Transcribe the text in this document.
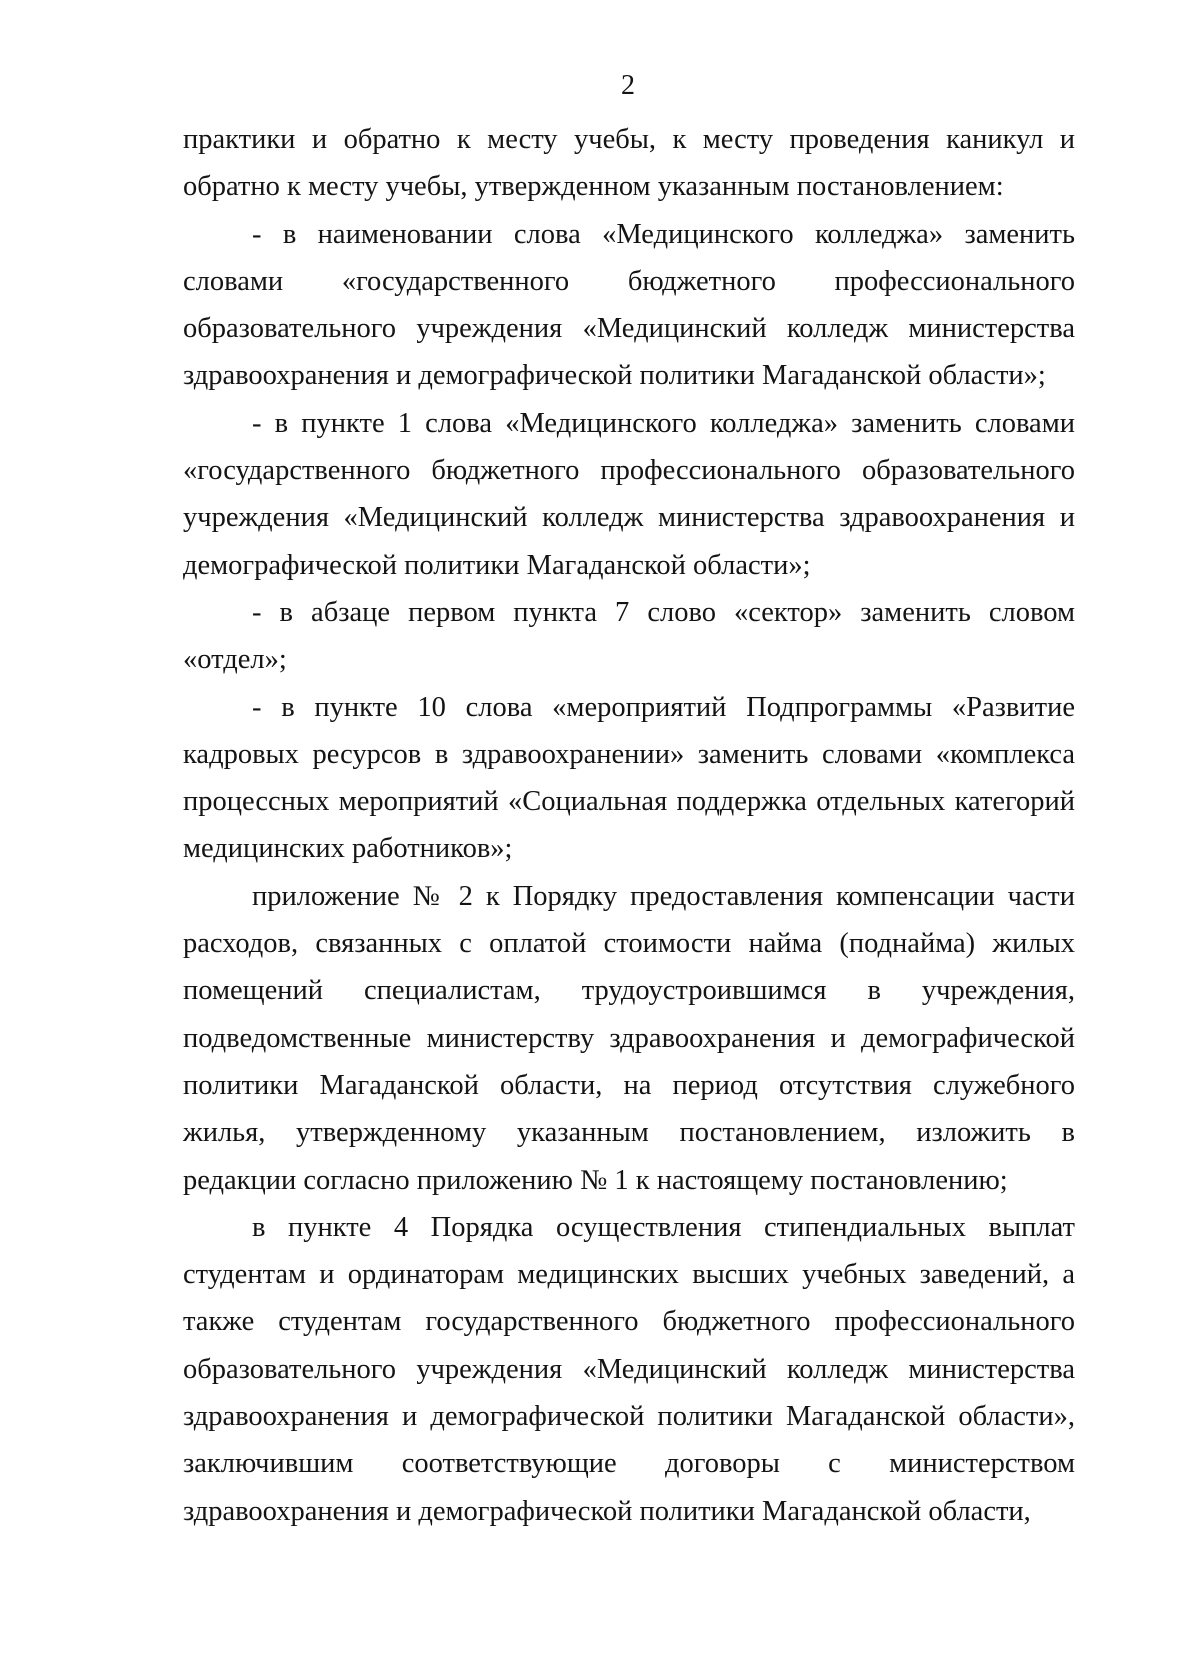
2

практики и обратно к месту учебы, к месту проведения каникул и обратно к месту учебы, утвержденном указанным постановлением:

- в наименовании слова «Медицинского колледжа» заменить словами «государственного бюджетного профессионального образовательного учреждения «Медицинский колледж министерства здравоохранения и демографической политики Магаданской области»;

- в пункте 1 слова «Медицинского колледжа» заменить словами «государственного бюджетного профессионального образовательного учреждения «Медицинский колледж министерства здравоохранения и демографической политики Магаданской области»;

- в абзаце первом пункта 7 слово «сектор» заменить словом «отдел»;

- в пункте 10 слова «мероприятий Подпрограммы «Развитие кадровых ресурсов в здравоохранении» заменить словами «комплекса процессных мероприятий «Социальная поддержка отдельных категорий медицинских работников»;

приложение № 2 к Порядку предоставления компенсации части расходов, связанных с оплатой стоимости найма (поднайма) жилых помещений специалистам, трудоустроившимся в учреждения, подведомственные министерству здравоохранения и демографической политики Магаданской области, на период отсутствия служебного жилья, утвержденному указанным постановлением, изложить в редакции согласно приложению № 1 к настоящему постановлению;

в пункте 4 Порядка осуществления стипендиальных выплат студентам и ординаторам медицинских высших учебных заведений, а также студентам государственного бюджетного профессионального образовательного учреждения «Медицинский колледж министерства здравоохранения и демографической политики Магаданской области», заключившим соответствующие договоры с министерством здравоохранения и демографической политики Магаданской области,
